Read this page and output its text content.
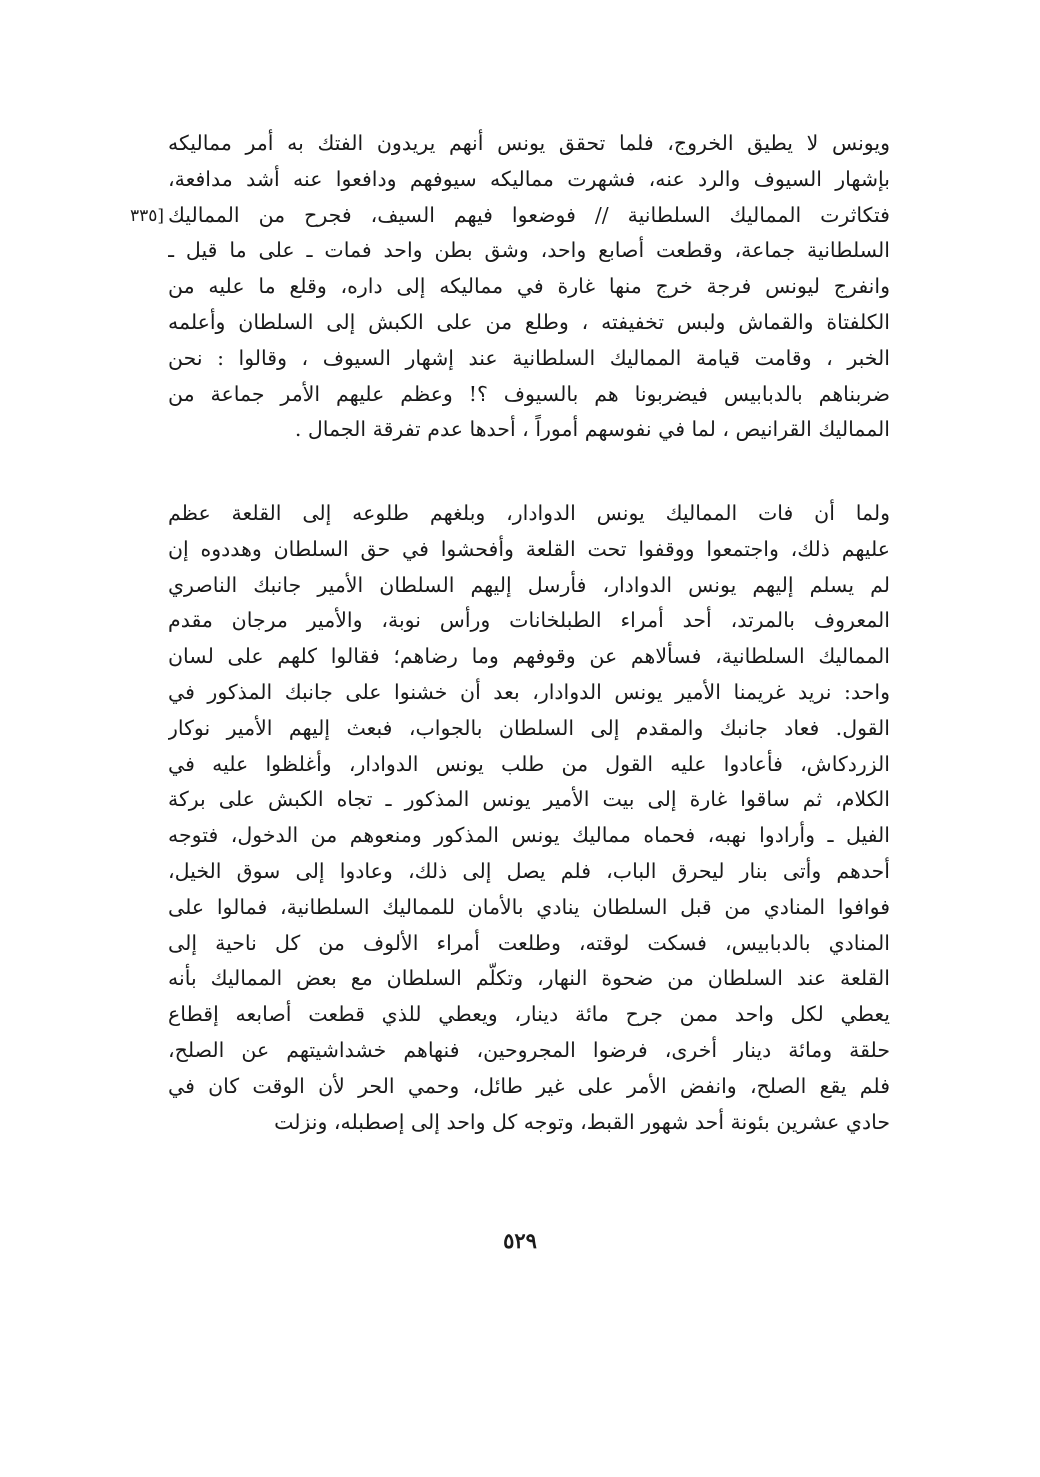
ويونس لا يطيق الخروج، فلما تحقق يونس أنهم يريدون الفتك به أمر مماليكه
بإشهار السيوف والرد عنه، فشهرت مماليكه سيوفهم ودافعوا عنه أشد مدافعة،
فتكاثرت المماليك السلطانية // فوضعوا فيهم السيف، فجرح من المماليك
السلطانية جماعة، وقطعت أصابع واحد، وشق بطن واحد فمات ـ على ما قيل ـ
وانفرج ليونس فرجة خرج منها غارة في مماليكه إلى داره، وقلع ما عليه من
الكلفتاة والقماش ولبس تخفيفته ، وطلع من على الكبش إلى السلطان وأعلمه
الخبر ، وقامت قيامة المماليك السلطانية عند إشهار السيوف ، وقالوا : نحن
ضربناهم بالدبابيس فيضربونا هم بالسيوف ؟! وعظم عليهم الأمر جماعة من
المماليك القرانيص ، لما في نفوسهم أموراً ، أحدها عدم تفرقة الجمال .
[٣٣٥
ولما أن فات المماليك يونس الدوادار، وبلغهم طلوعه إلى القلعة عظم
عليهم ذلك، واجتمعوا ووقفوا تحت القلعة وأفحشوا في حق السلطان وهددوه إن
لم يسلم إليهم يونس الدوادار، فأرسل إليهم السلطان الأمير جانبك الناصري
المعروف بالمرتد، أحد أمراء الطبلخانات ورأس نوبة، والأمير مرجان مقدم
المماليك السلطانية، فسألاهم عن وقوفهم وما رضاهم؛ فقالوا كلهم على لسان
واحد: نريد غريمنا الأمير يونس الدوادار، بعد أن خشنوا على جانبك المذكور في
القول. فعاد جانبك والمقدم إلى السلطان بالجواب، فبعث إليهم الأمير نوكار
الزردكاش، فأعادوا عليه القول من طلب يونس الدوادار، وأغلظوا عليه في
الكلام، ثم ساقوا غارة إلى بيت الأمير يونس المذكور ـ تجاه الكبش على بركة
الفيل ـ وأرادوا نهبه، فحماه مماليك يونس المذكور ومنعوهم من الدخول، فتوجه
أحدهم وأتى بنار ليحرق الباب، فلم يصل إلى ذلك، وعادوا إلى سوق الخيل،
فوافوا المنادي من قبل السلطان ينادي بالأمان للمماليك السلطانية، فمالوا على
المنادي بالدبابيس، فسكت لوقته، وطلعت أمراء الألوف من كل ناحية إلى
القلعة عند السلطان من ضحوة النهار، وتكلّم السلطان مع بعض المماليك بأنه
يعطي لكل واحد ممن جرح مائة دينار، ويعطي للذي قطعت أصابعه إقطاع
حلقة ومائة دينار أخرى، فرضوا المجروحين، فنهاهم خشداشيتهم عن الصلح،
فلم يقع الصلح، وانفض الأمر على غير طائل، وحمي الحر لأن الوقت كان في
حادي عشرين بئونة أحد شهور القبط، وتوجه كل واحد إلى إصطبله، ونزلت
٥٢٩
